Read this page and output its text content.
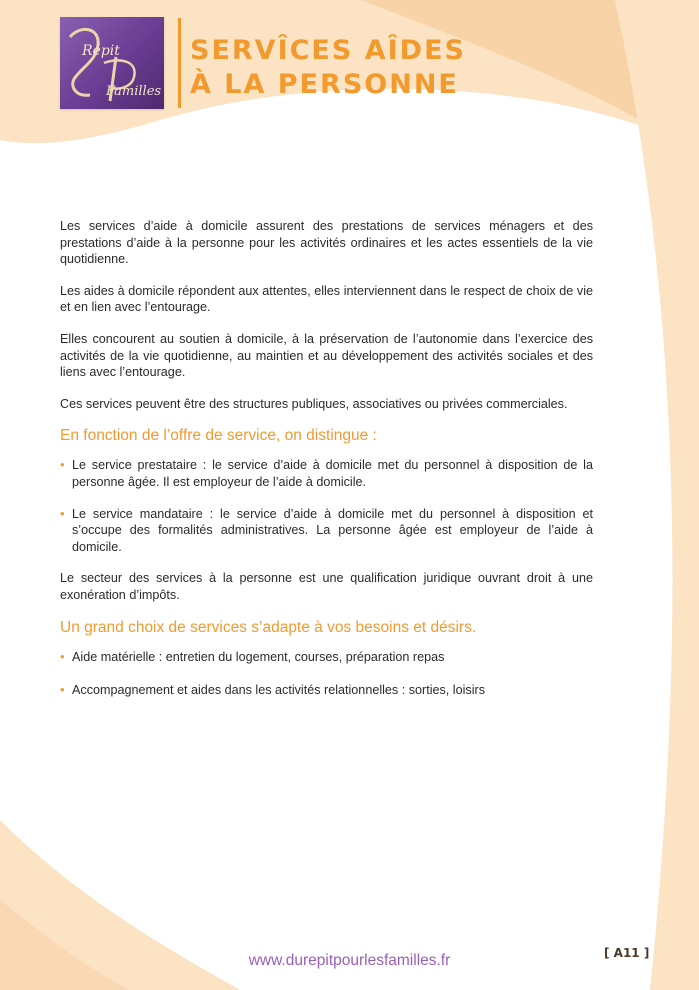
Répit
Familles
SERVÎCES AÎDES
À LA PERSONNE

Les services d’aide à domicile assurent des prestations de services ménagers et des prestations d’aide à la personne pour les activités ordinaires et les actes essentiels de la vie quotidienne.

Les aides à domicile répondent aux attentes, elles interviennent dans le respect de choix de vie et en lien avec l’entourage.

Elles concourent au soutien à domicile, à la préservation de l’autonomie dans l’exercice des activités de la vie quotidienne, au maintien et au développement des activités sociales et des liens avec l’entourage.

Ces services peuvent être des structures publiques, associatives ou privées commerciales.

En fonction de l’offre de service, on distingue :
• Le service prestataire : le service d’aide à domicile met du personnel à disposition de la personne âgée. Il est employeur de l’aide à domicile.
• Le service mandataire : le service d’aide à domicile met du personnel à disposition et s’occupe des formalités administratives. La personne âgée est employeur de l’aide à domicile.

Le secteur des services à la personne est une qualification juridique ouvrant droit à une exonération d’impôts.

Un grand choix de services s’adapte à vos besoins et désirs.
• Aide matérielle : entretien du logement, courses, préparation repas
• Accompagnement et aides dans les activités relationnelles : sorties, loisirs
www.durepitpourlesfamilles.fr	[ A11 ]
